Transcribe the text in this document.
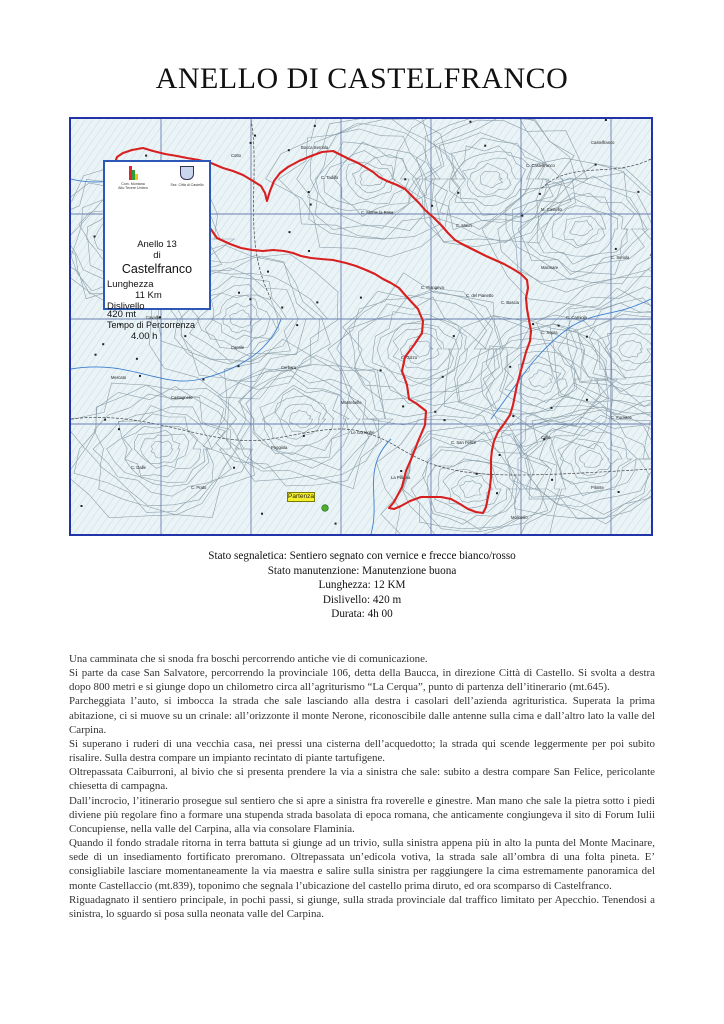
ANELLO DI CASTELFRANCO
Cotto
Castelfranco
C. Castelfranco
M. Castello
C. Monte la Rosa
C. Mauri
C. Piangeva
C. del Pianetto
C. Bascia
C. Carniola
C. Sopra
Cerbara
Montebello
Le Gorreghe
C. San Felice
Colle
Pilonte
Bocca Serriola
Cavalle
Caprile
Mercato
Castagneto
Poggiola
C. Prato
La Pilliana
Molinello
C. Fornace
C. Gizzo
C. Tadillo
C. Dalle
C. Seriola
Macinare
Com. Montana
Alto Tevere Umbro
Sez. Città di Castello
Anello 13
di
Castelfranco
Lunghezza
11 Km
Dislivello
420 mt
Tempo di Percorrenza
4.00 h
Partenza
Stato segnaletica: Sentiero segnato con vernice e frecce bianco/rosso
Stato manutenzione: Manutenzione buona
Lunghezza: 12 KM
Dislivello: 420 m
Durata: 4h 00

Una camminata che si snoda fra boschi percorrendo antiche vie di comunicazione.

Si parte da case San Salvatore, percorrendo la provinciale 106, detta della Baucca, in direzione Città di Castello. Si svolta a destra dopo 800 metri e si giunge dopo un chilometro circa all’agriturismo “La Cerqua”, punto di partenza dell’itinerario (mt.645).

Parcheggiata l’auto, si imbocca la strada che sale lasciando alla destra i casolari dell’azienda agrituristica. Superata la prima abitazione, ci si muove su un crinale: all’orizzonte il monte Nerone, riconoscibile dalle antenne sulla cima e dall’altro lato la valle del Carpina.

Si superano i ruderi di una vecchia casa, nei pressi una cisterna dell’acquedotto; la strada qui scende leggermente per poi subito risalire. Sulla destra compare un impianto recintato di piante tartufigene.

Oltrepassata Caiburroni, al bivio che si presenta prendere la via a sinistra che sale: subito a destra compare San Felice, pericolante chiesetta di campagna.

Dall’incrocio, l’itinerario prosegue sul sentiero che si apre a sinistra fra roverelle e ginestre. Man mano che sale la pietra sotto i piedi diviene più regolare fino a formare una stupenda strada basolata di epoca romana, che anticamente congiungeva il sito di Forum Iulii Concupiense, nella valle del Carpina, alla via consolare Flaminia.

Quando il fondo stradale ritorna in terra battuta si giunge ad un trivio, sulla sinistra appena più in alto la punta del Monte Macinare, sede di un insediamento fortificato preromano. Oltrepassata un’edicola votiva, la strada sale all’ombra di una folta pineta. E’ consigliabile lasciare momentaneamente la via maestra e salire sulla sinistra per raggiungere la cima estremamente panoramica del monte Castellaccio (mt.839), toponimo che segnala l’ubicazione del castello prima diruto, ed ora scomparso di Castelfranco.

Riguadagnato il sentiero principale, in pochi passi, si giunge, sulla strada provinciale dal traffico limitato per Apecchio. Tenendosi a sinistra, lo sguardo si posa sulla neonata valle del Carpina.
